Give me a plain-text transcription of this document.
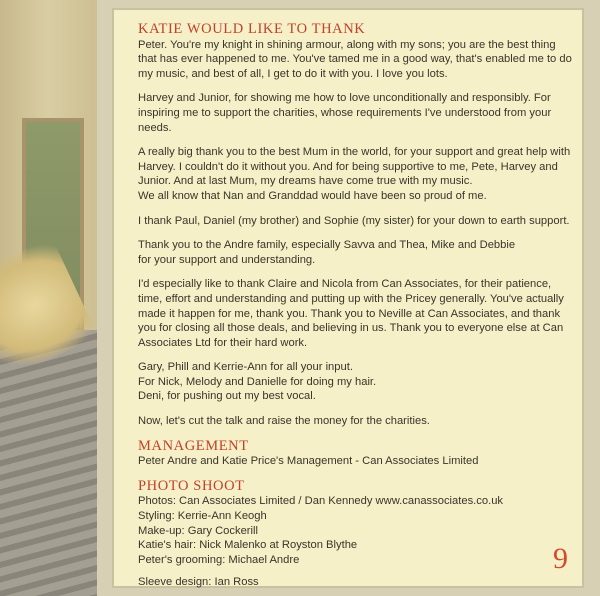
KATIE WOULD LIKE TO THANK

Peter. You're my knight in shining armour, along with my sons; you are the best thing that has ever happened to me. You've tamed me in a good way, that's enabled me to do my music, and best of all, I get to do it with you. I love you lots.

Harvey and Junior, for showing me how to love unconditionally and responsibly. For inspiring me to support the charities, whose requirements I've understood from your needs.

A really big thank you to the best Mum in the world, for your support and great help with Harvey. I couldn't do it without you. And for being supportive to me, Pete, Harvey and Junior. And at last Mum, my dreams have come true with my music.
We all know that Nan and Granddad would have been so proud of me.

I thank Paul, Daniel (my brother) and Sophie (my sister) for your down to earth support.

Thank you to the Andre family, especially Savva and Thea, Mike and Debbie
for your support and understanding.

I'd especially like to thank Claire and Nicola from Can Associates, for their patience, time, effort and understanding and putting up with the Pricey generally. You've actually made it happen for me, thank you. Thank you to Neville at Can Associates, and thank you for closing all those deals, and believing in us. Thank you to everyone else at Can Associates Ltd for their hard work.

Gary, Phill and Kerrie-Ann for all your input.
For Nick, Melody and Danielle for doing my hair.
Deni, for pushing out my best vocal.

Now, let's cut the talk and raise the money for the charities.

MANAGEMENT

Peter Andre and Katie Price's Management - Can Associates Limited

PHOTO SHOOT

Photos: Can Associates Limited / Dan Kennedy www.canassociates.co.uk

Styling: Kerrie-Ann Keogh

Make-up: Gary Cockerill

Katie's hair: Nick Malenko at Royston Blythe

Peter's grooming: Michael Andre

Sleeve design: Ian Ross

9
